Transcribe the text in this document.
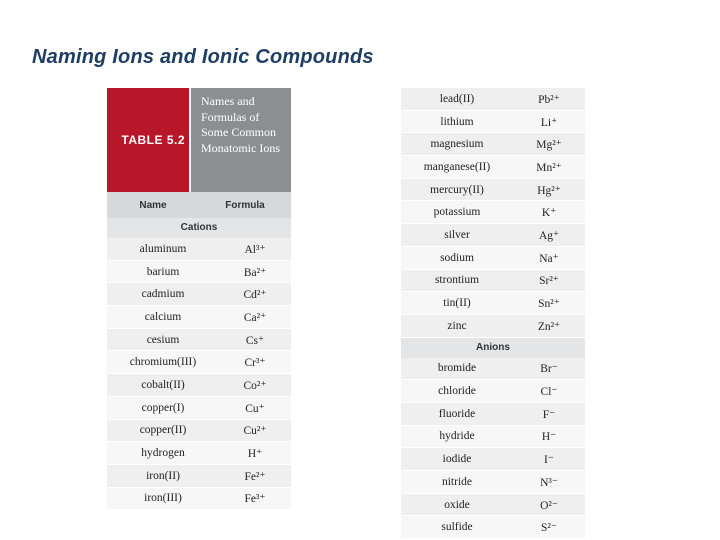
Naming Ions and Ionic Compounds
TABLE 5.2
Names and Formulas of Some Common Monatomic Ions
Name	Formula
Cations
aluminum	Al³⁺
barium	Ba²⁺
cadmium	Cd²⁺
calcium	Ca²⁺
cesium	Cs⁺
chromium(III)	Cr³⁺
cobalt(II)	Co²⁺
copper(I)	Cu⁺
copper(II)	Cu²⁺
hydrogen	H⁺
iron(II)	Fe²⁺
iron(III)	Fe³⁺
lead(II)	Pb²⁺
lithium	Li⁺
magnesium	Mg²⁺
manganese(II)	Mn²⁺
mercury(II)	Hg²⁺
potassium	K⁺
silver	Ag⁺
sodium	Na⁺
strontium	Sr²⁺
tin(II)	Sn²⁺
zinc	Zn²⁺
Anions
bromide	Br⁻
chloride	Cl⁻
fluoride	F⁻
hydride	H⁻
iodide	I⁻
nitride	N³⁻
oxide	O²⁻
sulfide	S²⁻
